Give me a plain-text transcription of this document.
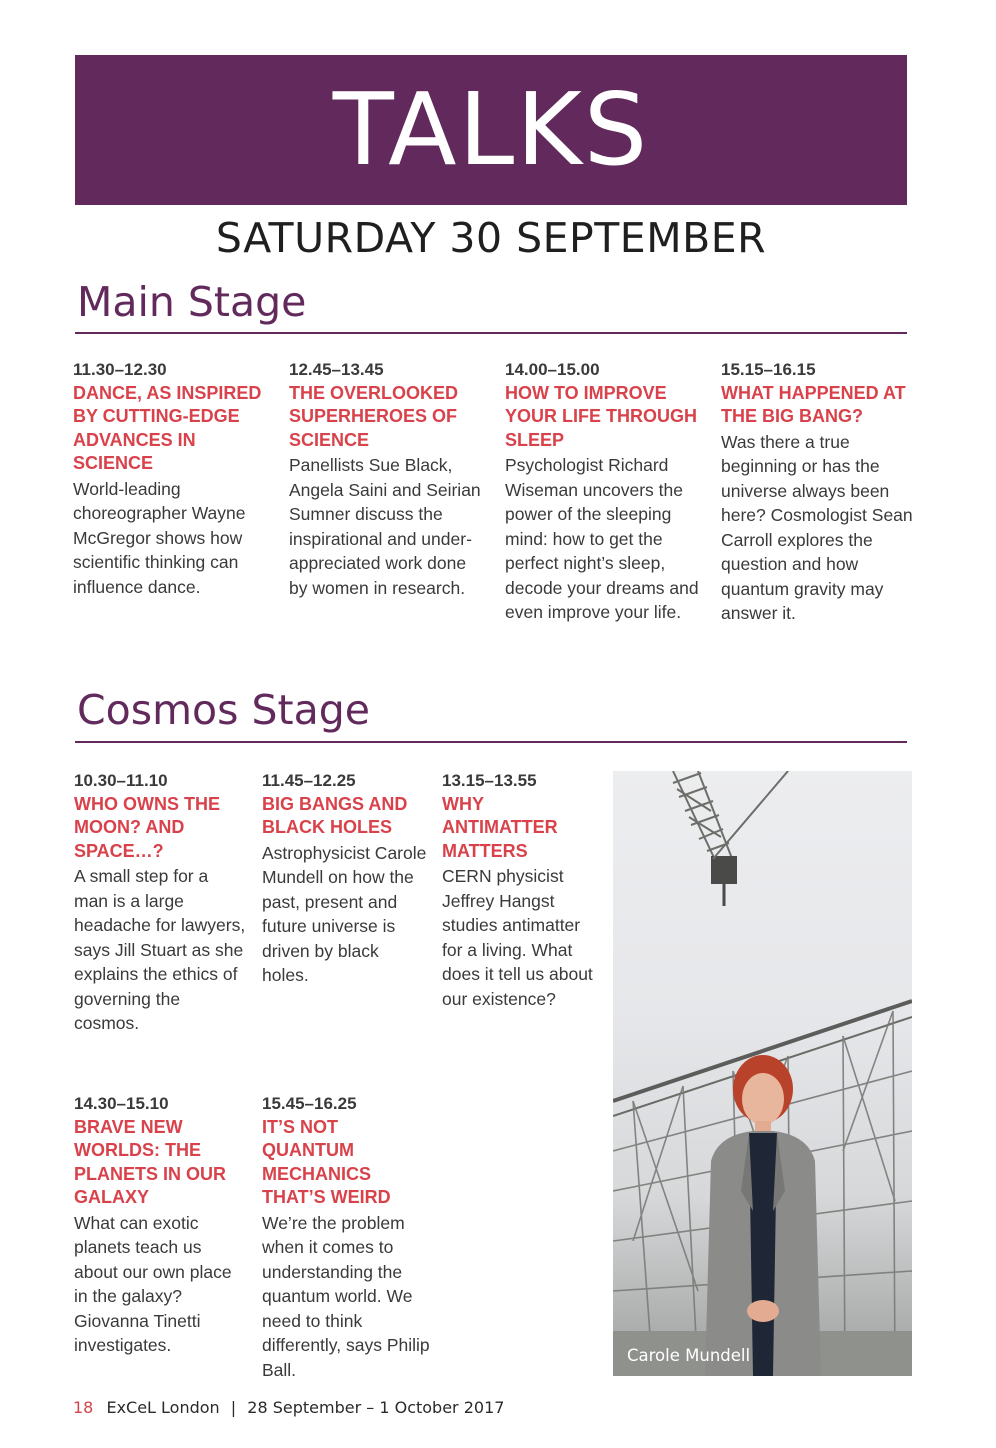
TALKS
SATURDAY 30 SEPTEMBER
Main Stage
11.30–12.30
DANCE, AS INSPIRED BY CUTTING-EDGE ADVANCES IN SCIENCE
World-leading choreographer Wayne McGregor shows how scientific thinking can influence dance.
12.45–13.45
THE OVERLOOKED SUPERHEROES OF SCIENCE
Panellists Sue Black, Angela Saini and Seirian Sumner discuss the inspirational and under-appreciated work done by women in research.
14.00–15.00
HOW TO IMPROVE YOUR LIFE THROUGH SLEEP
Psychologist Richard Wiseman uncovers the power of the sleeping mind: how to get the perfect night’s sleep, decode your dreams and even improve your life.
15.15–16.15
WHAT HAPPENED AT THE BIG BANG?
Was there a true beginning or has the universe always been here? Cosmologist Sean Carroll explores the question and how quantum gravity may answer it.
Cosmos Stage
10.30–11.10
WHO OWNS THE MOON? AND SPACE…?
A small step for a man is a large headache for lawyers, says Jill Stuart as she explains the ethics of governing the cosmos.
11.45–12.25
BIG BANGS AND BLACK HOLES
Astrophysicist Carole Mundell on how the past, present and future universe is driven by black holes.
13.15–13.55
WHY ANTIMATTER MATTERS
CERN physicist Jeffrey Hangst studies antimatter for a living. What does it tell us about our existence?
14.30–15.10
BRAVE NEW WORLDS: THE PLANETS IN OUR GALAXY
What can exotic planets teach us about our own place in the galaxy? Giovanna Tinetti investigates.
15.45–16.25
IT’S NOT QUANTUM MECHANICS THAT’S WEIRD
We’re the problem when it comes to understanding the quantum world. We need to think differently, says Philip Ball.
Carole Mundell
18 ExCeL London | 28 September – 1 October 2017
